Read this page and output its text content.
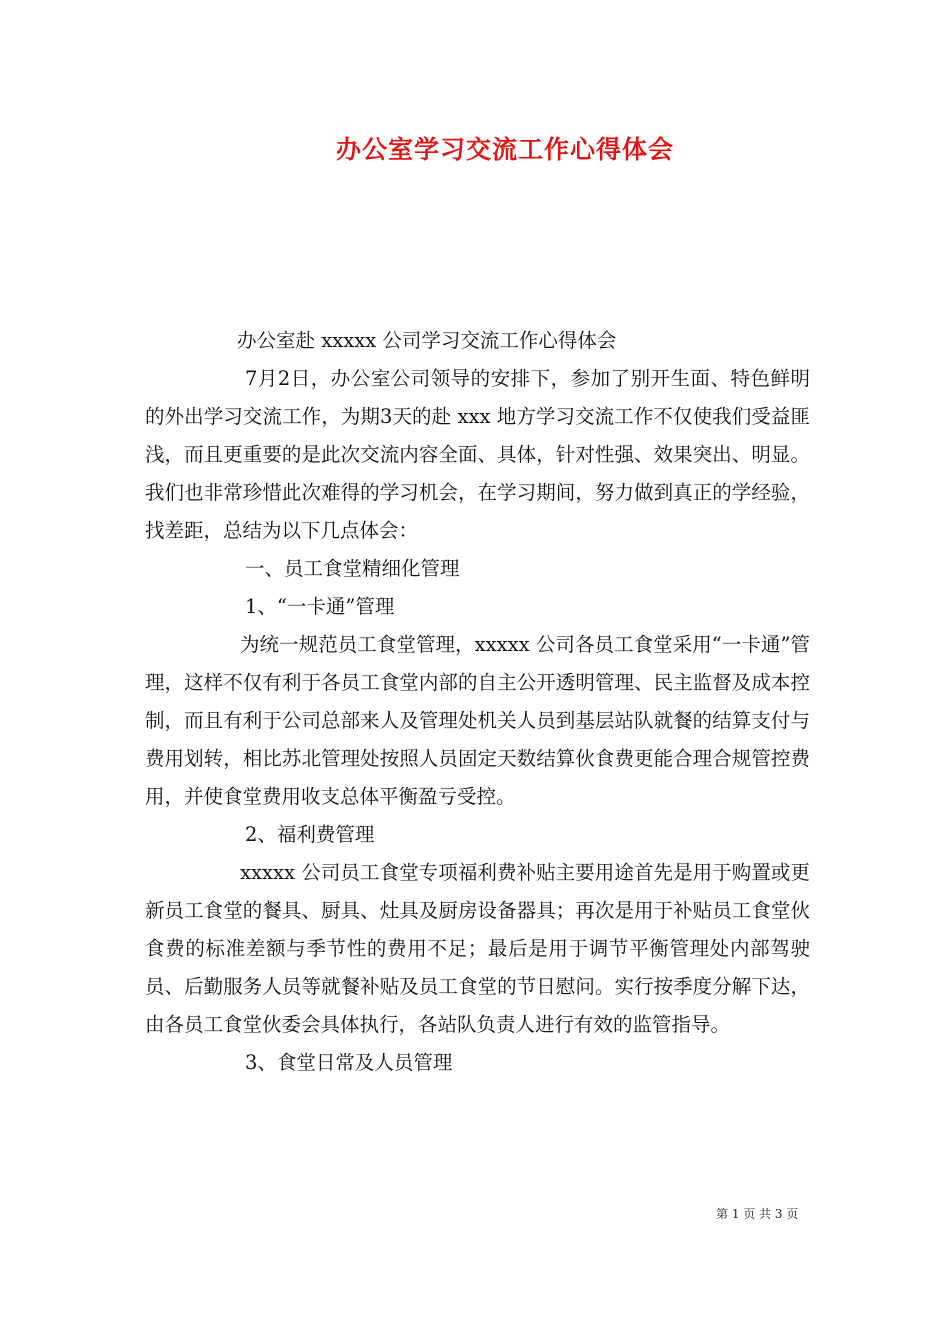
办公室学习交流工作心得体会

办公室赴 xxxxx 公司学习交流工作心得体会

7月2日，办公室公司领导的安排下，参加了别开生面、特色鲜明的外出学习交流工作，为期3天的赴 xxx 地方学习交流工作不仅使我们受益匪浅，而且更重要的是此次交流内容全面、具体，针对性强、效果突出、明显。我们也非常珍惜此次难得的学习机会，在学习期间，努力做到真正的学经验，找差距，总结为以下几点体会：

一、员工食堂精细化管理

1、“一卡通”管理

为统一规范员工食堂管理，xxxxx 公司各员工食堂采用“一卡通”管理，这样不仅有利于各员工食堂内部的自主公开透明管理、民主监督及成本控制，而且有利于公司总部来人及管理处机关人员到基层站队就餐的结算支付与费用划转，相比苏北管理处按照人员固定天数结算伙食费更能合理合规管控费用，并使食堂费用收支总体平衡盈亏受控。

2、福利费管理

xxxxx 公司员工食堂专项福利费补贴主要用途首先是用于购置或更新员工食堂的餐具、厨具、灶具及厨房设备器具；再次是用于补贴员工食堂伙食费的标准差额与季节性的费用不足；最后是用于调节平衡管理处内部驾驶员、后勤服务人员等就餐补贴及员工食堂的节日慰问。实行按季度分解下达，由各员工食堂伙委会具体执行，各站队负责人进行有效的监管指导。

3、食堂日常及人员管理

第 1 页 共 3 页
